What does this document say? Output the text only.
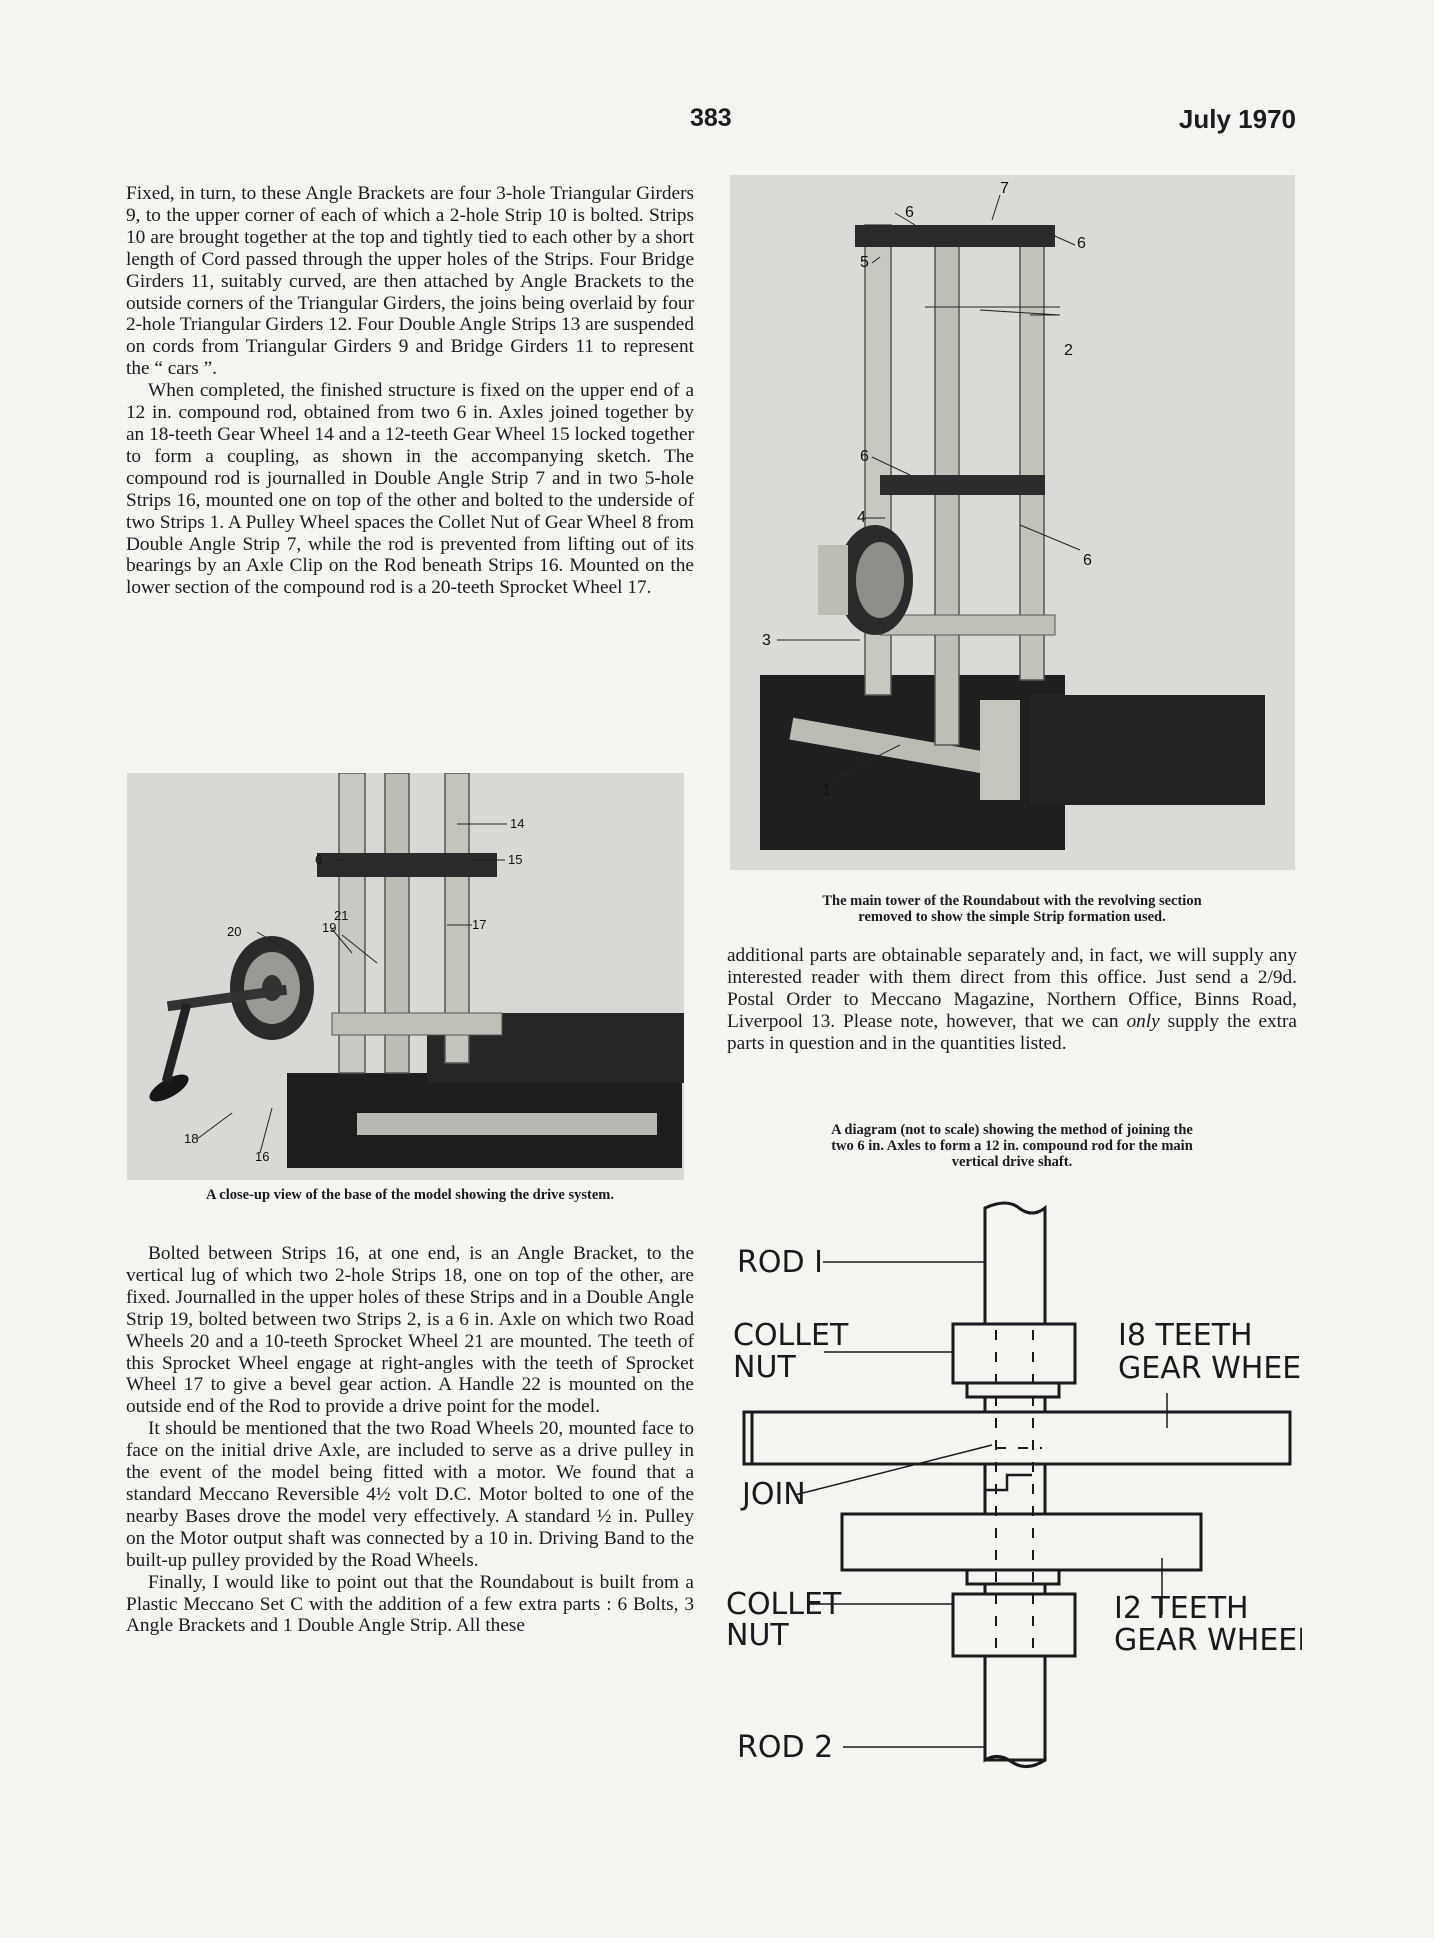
383	July 1970

Fixed, in turn, to these Angle Brackets are four 3-hole Triangular Girders 9, to the upper corner of each of which a 2-hole Strip 10 is bolted. Strips 10 are brought together at the top and tightly tied to each other by a short length of Cord passed through the upper holes of the Strips. Four Bridge Girders 11, suitably curved, are then attached by Angle Brackets to the outside corners of the Triangular Girders, the joins being overlaid by four 2-hole Triangular Girders 12. Four Double Angle Strips 13 are suspended on cords from Triangular Girders 9 and Bridge Girders 11 to represent the “ cars ”.

When completed, the finished structure is fixed on the upper end of a 12 in. compound rod, obtained from two 6 in. Axles joined together by an 18-teeth Gear Wheel 14 and a 12-teeth Gear Wheel 15 locked together to form a coupling, as shown in the accompanying sketch. The compound rod is journalled in Double Angle Strip 7 and in two 5-hole Strips 16, mounted one on top of the other and bolted to the underside of two Strips 1. A Pulley Wheel spaces the Collet Nut of Gear Wheel 8 from Double Angle Strip 7, while the rod is prevented from lifting out of its bearings by an Axle Clip on the Rod beneath Strips 16. Mounted on the lower section of the compound rod is a 20-teeth Sprocket Wheel 17.

14
6	15
21
20	19	17
18
16

A close-up view of the base of the model showing the drive system.

Bolted between Strips 16, at one end, is an Angle Bracket, to the vertical lug of which two 2-hole Strips 18, one on top of the other, are fixed. Journalled in the upper holes of these Strips and in a Double Angle Strip 19, bolted between two Strips 2, is a 6 in. Axle on which two Road Wheels 20 and a 10-teeth Sprocket Wheel 21 are mounted. The teeth of this Sprocket Wheel engage at right-angles with the teeth of Sprocket Wheel 17 to give a bevel gear action. A Handle 22 is mounted on the outside end of the Rod to provide a drive point for the model.

It should be mentioned that the two Road Wheels 20, mounted face to face on the initial drive Axle, are included to serve as a drive pulley in the event of the model being fitted with a motor. We found that a standard Meccano Reversible 4½ volt D.C. Motor bolted to one of the nearby Bases drove the model very effectively. A standard ½ in. Pulley on the Motor output shaft was connected by a 10 in. Driving Band to the built-up pulley provided by the Road Wheels.

Finally, I would like to point out that the Roundabout is built from a Plastic Meccano Set C with the addition of a few extra parts : 6 Bolts, 3 Angle Brackets and 1 Double Angle Strip. All these

7
6
6
5
2
6
4
6
3
1

The main tower of the Roundabout with the revolving section

removed to show the simple Strip formation used.

additional parts are obtainable separately and, in fact, we will supply any interested reader with them direct from this office. Just send a 2/9d. Postal Order to Meccano Magazine, Northern Office, Binns Road, Liverpool 13. Please note, however, that we can only supply the extra parts in question and in the quantities listed.

A diagram (not to scale) showing the method of joining the

two 6 in. Axles to form a 12 in. compound rod for the main

vertical drive shaft.

ROD I
COLLET
NUT
I8 TEETH
GEAR WHEEL
JOIN
COLLET
NUT
I2 TEETH
GEAR WHEEL
ROD 2
